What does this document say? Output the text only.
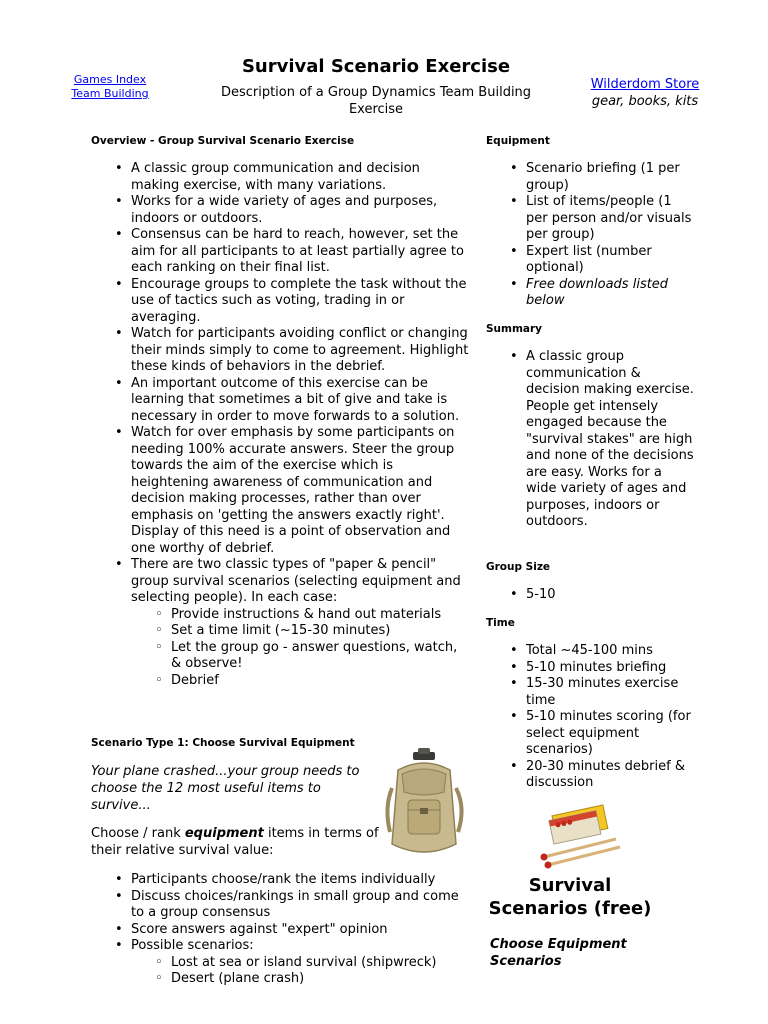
Games Index
Team Building
Survival Scenario Exercise
Description of a Group Dynamics Team Building Exercise
Wilderdom Store
gear, books, kits
Overview - Group Survival Scenario Exercise
• A classic group communication and decision making exercise, with many variations.
• Works for a wide variety of ages and purposes, indoors or outdoors.
• Consensus can be hard to reach, however, set the aim for all participants to at least partially agree to each ranking on their final list.
• Encourage groups to complete the task without the use of tactics such as voting, trading in or averaging.
• Watch for participants avoiding conflict or changing their minds simply to come to agreement. Highlight these kinds of behaviors in the debrief.
• An important outcome of this exercise can be learning that sometimes a bit of give and take is necessary in order to move forwards to a solution.
• Watch for over emphasis by some participants on needing 100% accurate answers. Steer the group towards the aim of the exercise which is heightening awareness of communication and decision making processes, rather than over emphasis on 'getting the answers exactly right'. Display of this need is a point of observation and one worthy of debrief.
• There are two classic types of "paper & pencil" group survival scenarios (selecting equipment and selecting people). In each case:
◦ Provide instructions & hand out materials
◦ Set a time limit (~15-30 minutes)
◦ Let the group go - answer questions, watch, & observe!
◦ Debrief
Scenario Type 1: Choose Survival Equipment
Your plane crashed...your group needs to choose the 12 most useful items to survive...
Choose / rank equipment items in terms of their relative survival value:
• Participants choose/rank the items individually
• Discuss choices/rankings in small group and come to a group consensus
• Score answers against "expert" opinion
• Possible scenarios:
◦ Lost at sea or island survival (shipwreck)
◦ Desert (plane crash)
Equipment
• Scenario briefing (1 per group)
• List of items/people (1 per person and/or visuals per group)
• Expert list (number optional)
• Free downloads listed below
Summary
• A classic group communication & decision making exercise. People get intensely engaged because the "survival stakes" are high and none of the decisions are easy. Works for a wide variety of ages and purposes, indoors or outdoors.
Group Size
• 5-10
Time
• Total ~45-100 mins
• 5-10 minutes briefing
• 15-30 minutes exercise time
• 5-10 minutes scoring (for select equipment scenarios)
• 20-30 minutes debrief & discussion
Survival Scenarios (free)
Choose Equipment Scenarios
